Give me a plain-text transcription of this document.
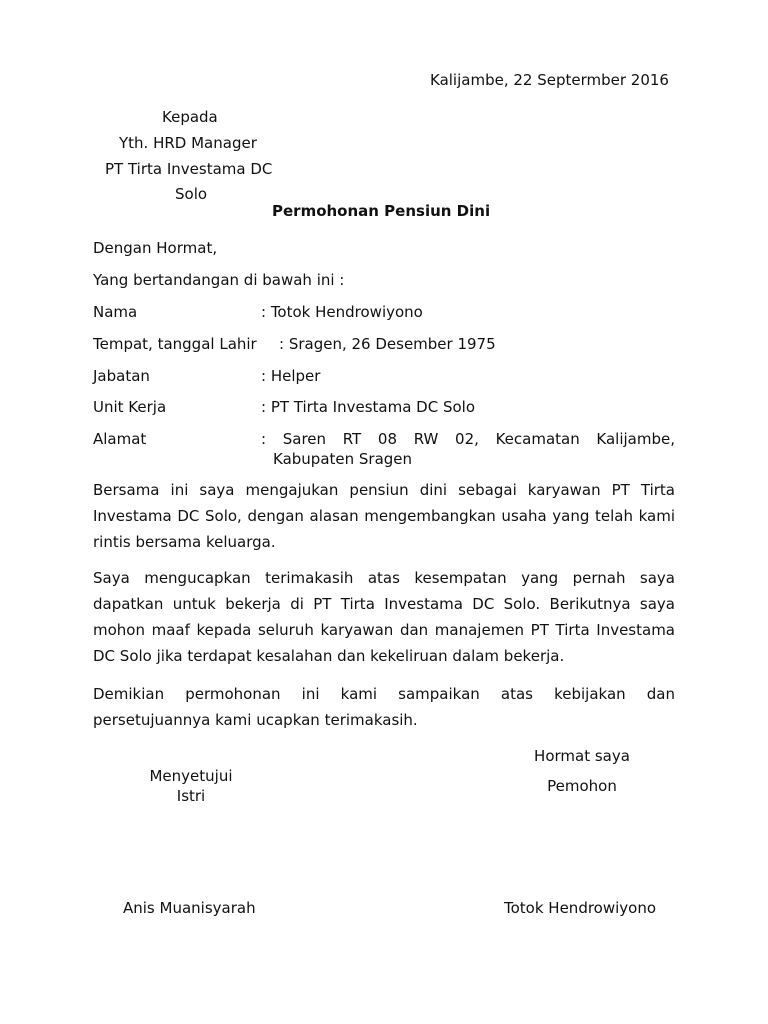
Kalijambe, 22 Septermber 2016
Kepada
Yth. HRD Manager
PT Tirta Investama DC
Solo
Permohonan Pensiun Dini
Dengan Hormat,
Yang bertandangan di bawah ini :
Nama	: Totok Hendrowiyono
Tempat, tanggal Lahir : Sragen, 26 Desember 1975
Jabatan	: Helper
Unit Kerja	: PT Tirta Investama DC Solo
Alamat	: Saren RT 08 RW 02, Kecamatan Kalijambe,
Kabupaten Sragen
Bersama ini saya mengajukan pensiun dini sebagai karyawan PT Tirta Investama DC Solo, dengan alasan mengembangkan usaha yang telah kami rintis bersama keluarga.
Saya mengucapkan terimakasih atas kesempatan yang pernah saya dapatkan untuk bekerja di PT Tirta Investama DC Solo. Berikutnya saya mohon maaf kepada seluruh karyawan dan manajemen PT Tirta Investama DC Solo jika terdapat kesalahan dan kekeliruan dalam bekerja.
Demikian permohonan ini kami sampaikan atas kebijakan dan persetujuannya kami ucapkan terimakasih.
Menyetujui
Istri
Hormat saya
Pemohon
Anis Muanisyarah	Totok Hendrowiyono
